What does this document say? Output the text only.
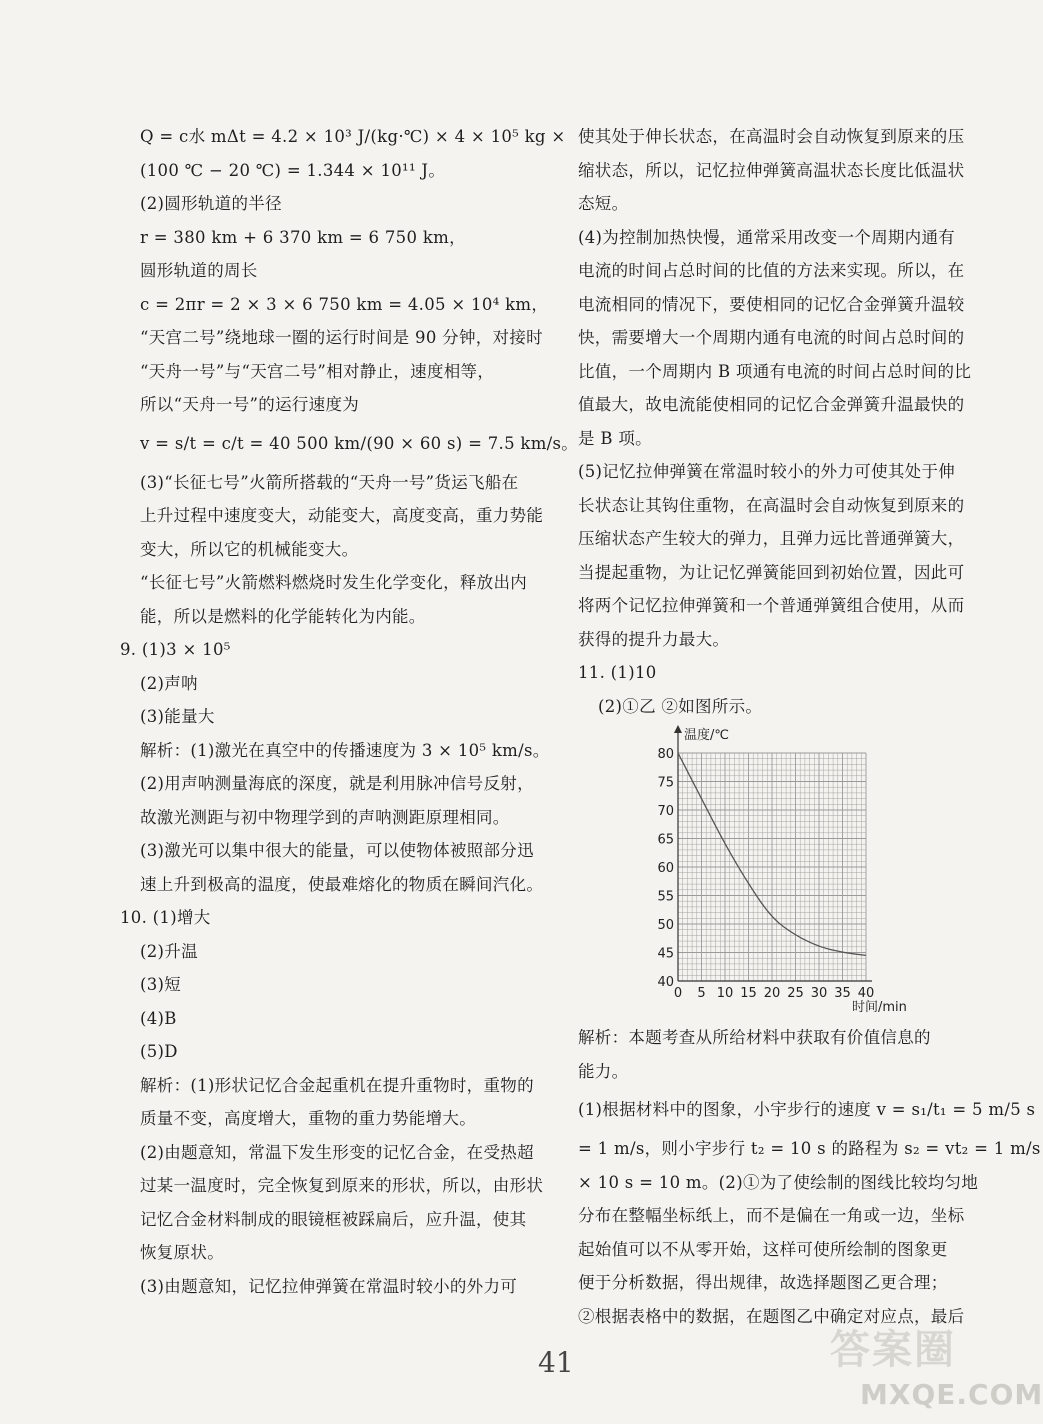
Q = c水 mΔt = 4.2 × 10³ J/(kg·℃) × 4 × 10⁵ kg ×
(100 ℃ − 20 ℃) = 1.344 × 10¹¹ J。
(2)圆形轨道的半径
r = 380 km + 6 370 km = 6 750 km，
圆形轨道的周长
c = 2πr = 2 × 3 × 6 750 km = 4.05 × 10⁴ km，
“天宫二号”绕地球一圈的运行时间是 90 分钟，对接时
“天舟一号”与“天宫二号”相对静止，速度相等，
所以“天舟一号”的运行速度为
v = s/t = c/t = 40 500 km/(90 × 60 s) = 7.5 km/s。
(3)“长征七号”火箭所搭载的“天舟一号”货运飞船在
上升过程中速度变大，动能变大，高度变高，重力势能
变大，所以它的机械能变大。
“长征七号”火箭燃料燃烧时发生化学变化，释放出内
能，所以是燃料的化学能转化为内能。
9. (1)3 × 10⁵
(2)声呐
(3)能量大
解析：(1)激光在真空中的传播速度为 3 × 10⁵ km/s。
(2)用声呐测量海底的深度，就是利用脉冲信号反射，
故激光测距与初中物理学到的声呐测距原理相同。
(3)激光可以集中很大的能量，可以使物体被照部分迅
速上升到极高的温度，使最难熔化的物质在瞬间汽化。
10. (1)增大
(2)升温
(3)短
(4)B
(5)D
解析：(1)形状记忆合金起重机在提升重物时，重物的
质量不变，高度增大，重物的重力势能增大。
(2)由题意知，常温下发生形变的记忆合金，在受热超
过某一温度时，完全恢复到原来的形状，所以，由形状
记忆合金材料制成的眼镜框被踩扁后，应升温，使其
恢复原状。
(3)由题意知，记忆拉伸弹簧在常温时较小的外力可
使其处于伸长状态，在高温时会自动恢复到原来的压
缩状态，所以，记忆拉伸弹簧高温状态长度比低温状
态短。
(4)为控制加热快慢，通常采用改变一个周期内通有
电流的时间占总时间的比值的方法来实现。所以，在
电流相同的情况下，要使相同的记忆合金弹簧升温较
快，需要增大一个周期内通有电流的时间占总时间的
比值，一个周期内 B 项通有电流的时间占总时间的比
值最大，故电流能使相同的记忆合金弹簧升温最快的
是 B 项。
(5)记忆拉伸弹簧在常温时较小的外力可使其处于伸
长状态让其钩住重物，在高温时会自动恢复到原来的
压缩状态产生较大的弹力，且弹力远比普通弹簧大，
当提起重物，为让记忆弹簧能回到初始位置，因此可
将两个记忆拉伸弹簧和一个普通弹簧组合使用，从而
获得的提升力最大。
11. (1)10
(2)①乙 ②如图所示。
40
45
50
55
60
65
70
75
80
0 5 10 15 20 25 30 35 40
温度/℃
时间/min
解析：本题考查从所给材料中获取有价值信息的
能力。
(1)根据材料中的图象，小宇步行的速度 v = s₁/t₁ = 5 m/5 s
= 1 m/s，则小宇步行 t₂ = 10 s 的路程为 s₂ = vt₂ = 1 m/s
× 10 s = 10 m。(2)①为了使绘制的图线比较均匀地
分布在整幅坐标纸上，而不是偏在一角或一边，坐标
起始值可以不从零开始，这样可使所绘制的图象更
便于分析数据，得出规律，故选择题图乙更合理；
②根据表格中的数据，在题图乙中确定对应点，最后
41	答案圈
MXQE.COM
